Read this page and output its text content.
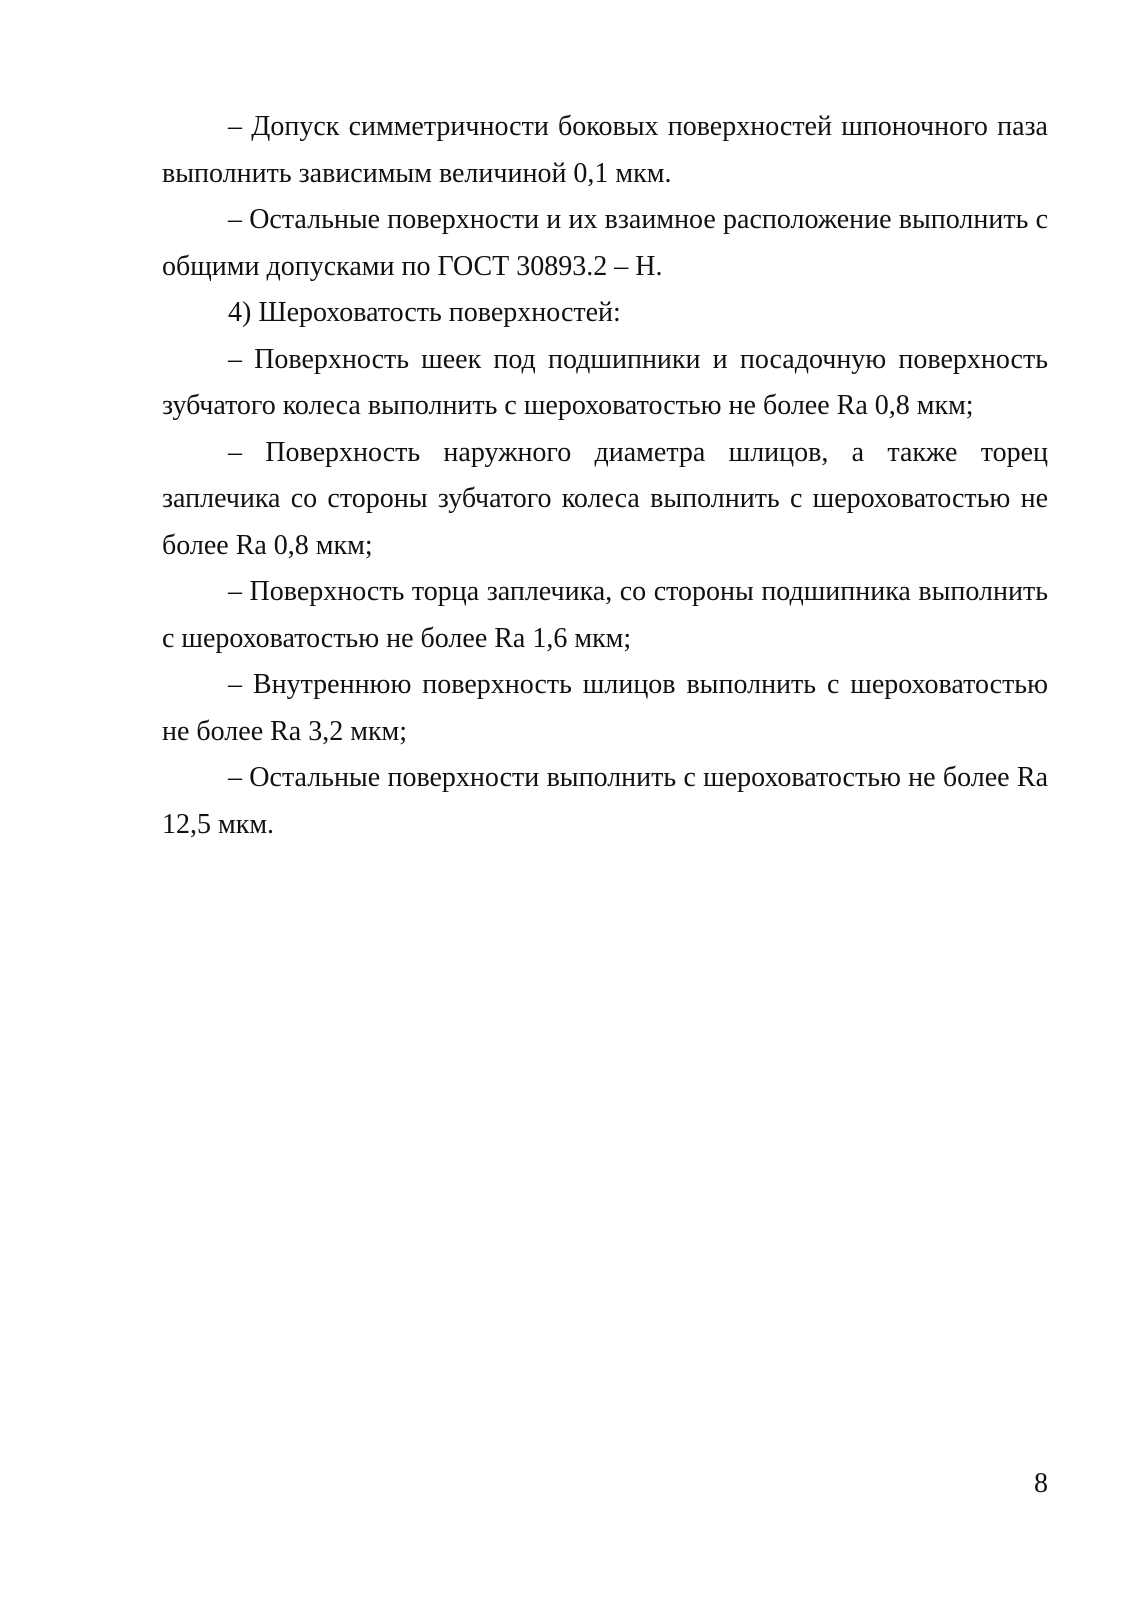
– Допуск симметричности боковых поверхностей шпоночного паза выполнить зависимым величиной 0,1 мкм.

– Остальные поверхности и их взаимное расположение выполнить с общими допусками по ГОСТ 30893.2 – Н.

4) Шероховатость поверхностей:

– Поверхность шеек под подшипники и посадочную поверхность зубчатого колеса выполнить с шероховатостью не более Ra 0,8 мкм;

– Поверхность наружного диаметра шлицов, а также торец заплечика со стороны зубчатого колеса выполнить с шероховатостью не более Ra 0,8 мкм;

– Поверхность торца заплечика, со стороны подшипника выполнить с шероховатостью не более Ra 1,6 мкм;

– Внутреннюю поверхность шлицов выполнить с шероховатостью не более Ra 3,2 мкм;

– Остальные поверхности выполнить с шероховатостью не более Ra 12,5 мкм.

8
